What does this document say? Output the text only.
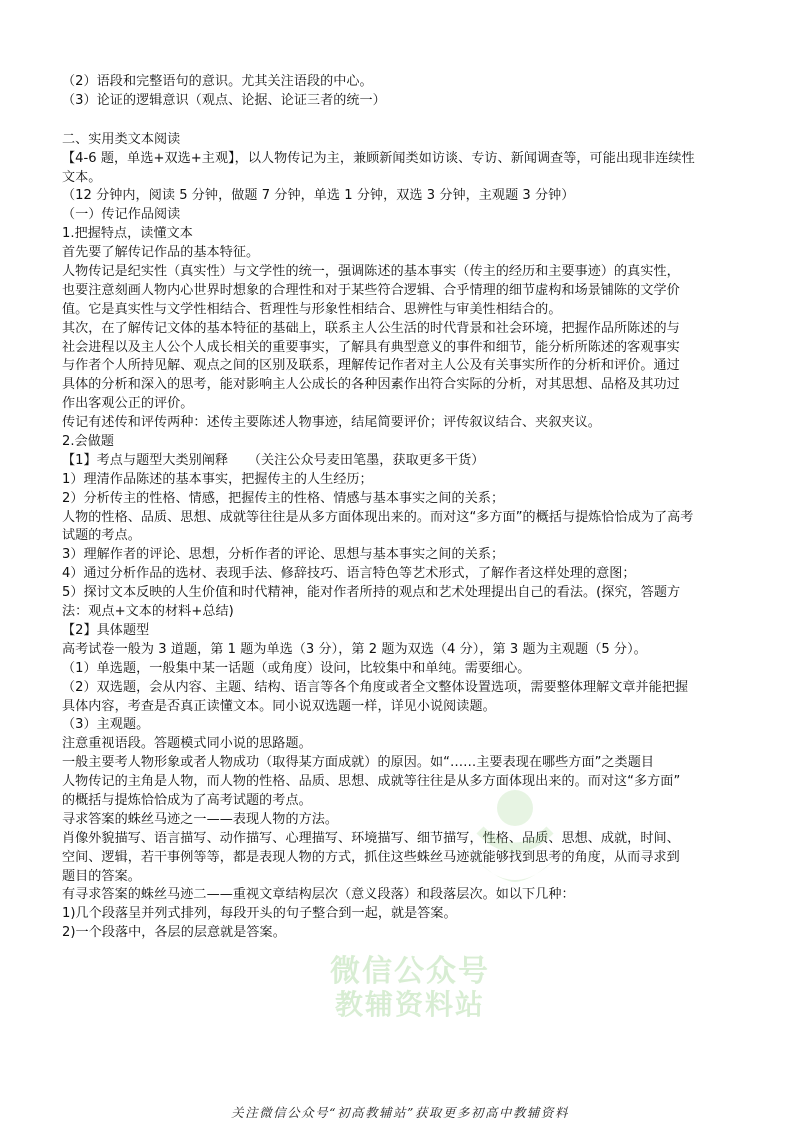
（2）语段和完整语句的意识。尤其关注语段的中心。
（3）论证的逻辑意识（观点、论据、论证三者的统一）
二、实用类文本阅读
【4-6 题，单选+双选+主观】，以人物传记为主，兼顾新闻类如访谈、专访、新闻调查等，可能出现非连续性
文本。
（12 分钟内，阅读 5 分钟，做题 7 分钟，单选 1 分钟，双选 3 分钟，主观题 3 分钟）
（一）传记作品阅读
1.把握特点，读懂文本
首先要了解传记作品的基本特征。
人物传记是纪实性（真实性）与文学性的统一，强调陈述的基本事实（传主的经历和主要事迹）的真实性，
也要注意刻画人物内心世界时想象的合理性和对于某些符合逻辑、合乎情理的细节虚构和场景铺陈的文学价
值。它是真实性与文学性相结合、哲理性与形象性相结合、思辨性与审美性相结合的。
其次，在了解传记文体的基本特征的基础上，联系主人公生活的时代背景和社会环境，把握作品所陈述的与
社会进程以及主人公个人成长相关的重要事实，了解具有典型意义的事件和细节，能分析所陈述的客观事实
与作者个人所持见解、观点之间的区别及联系，理解传记作者对主人公及有关事实所作的分析和评价。通过
具体的分析和深入的思考，能对影响主人公成长的各种因素作出符合实际的分析，对其思想、品格及其功过
作出客观公正的评价。
传记有述传和评传两种：述传主要陈述人物事迹，结尾简要评价；评传叙议结合、夹叙夹议。
2.会做题
【1】考点与题型大类别阐释　　（关注公众号麦田笔墨，获取更多干货）
1）理清作品陈述的基本事实，把握传主的人生经历；
2）分析传主的性格、情感，把握传主的性格、情感与基本事实之间的关系；
人物的性格、品质、思想、成就等往往是从多方面体现出来的。而对这“多方面”的概括与提炼恰恰成为了高考
试题的考点。
3）理解作者的评论、思想，分析作者的评论、思想与基本事实之间的关系；
4）通过分析作品的选材、表现手法、修辞技巧、语言特色等艺术形式，了解作者这样处理的意图；
5）探讨文本反映的人生价值和时代精神，能对作者所持的观点和艺术处理提出自己的看法。(探究，答题方
法：观点+文本的材料+总结)
【2】具体题型
高考试卷一般为 3 道题，第 1 题为单选（3 分），第 2 题为双选（4 分），第 3 题为主观题（5 分）。
（1）单选题，一般集中某一话题（或角度）设问，比较集中和单纯。需要细心。
（2）双选题，会从内容、主题、结构、语言等各个角度或者全文整体设置选项，需要整体理解文章并能把握
具体内容，考查是否真正读懂文本。同小说双选题一样，详见小说阅读题。
（3）主观题。
注意重视语段。答题模式同小说的思路题。
一般主要考人物形象或者人物成功（取得某方面成就）的原因。如“……主要表现在哪些方面”之类题目
人物传记的主角是人物，而人物的性格、品质、思想、成就等往往是从多方面体现出来的。而对这“多方面”
的概括与提炼恰恰成为了高考试题的考点。
寻求答案的蛛丝马迹之一——表现人物的方法。
肖像外貌描写、语言描写、动作描写、心理描写、环境描写、细节描写，性格、品质、思想、成就，时间、
空间、逻辑，若干事例等等，都是表现人物的方式，抓住这些蛛丝马迹就能够找到思考的角度，从而寻求到
题目的答案。
有寻求答案的蛛丝马迹二——重视文章结构层次（意义段落）和段落层次。如以下几种：
1)几个段落呈并列式排列，每段开头的句子整合到一起，就是答案。
2)一个段落中，各层的层意就是答案。
微信公众号
教辅资料站
关注微信公众号“初高教辅站”获取更多初高中教辅资料
